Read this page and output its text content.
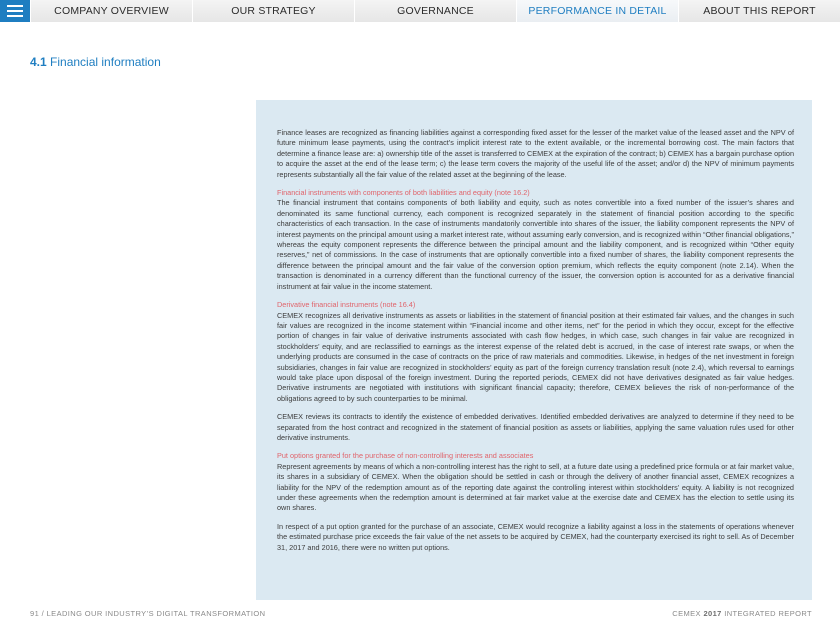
COMPANY OVERVIEW	OUR STRATEGY	GOVERNANCE	PERFORMANCE IN DETAIL	ABOUT THIS REPORT
4.1 Financial information

Finance leases are recognized as financing liabilities against a corresponding fixed asset for the lesser of the market value of the leased asset and the NPV of future minimum lease payments, using the contract’s implicit interest rate to the extent available, or the incremental borrowing cost. The main factors that determine a finance lease are: a) ownership title of the asset is transferred to CEMEX at the expiration of the contract; b) CEMEX has a bargain purchase option to acquire the asset at the end of the lease term; c) the lease term covers the majority of the useful life of the asset; and/or d) the NPV of minimum payments represents substantially all the fair value of the related asset at the beginning of the lease.

Financial instruments with components of both liabilities and equity (note 16.2)

The financial instrument that contains components of both liability and equity, such as notes convertible into a fixed number of the issuer’s shares and denominated its same functional currency, each component is recognized separately in the statement of financial position according to the specific characteristics of each transaction. In the case of instruments mandatorily convertible into shares of the issuer, the liability component represents the NPV of interest payments on the principal amount using a market interest rate, without assuming early conversion, and is recognized within “Other financial obligations,” whereas the equity component represents the difference between the principal amount and the liability component, and is recognized within “Other equity reserves,” net of commissions. In the case of instruments that are optionally convertible into a fixed number of shares, the liability component represents the difference between the principal amount and the fair value of the conversion option premium, which reflects the equity component (note 2.14). When the transaction is denominated in a currency different than the functional currency of the issuer, the conversion option is accounted for as a derivative financial instrument at fair value in the income statement.

Derivative financial instruments (note 16.4)

CEMEX recognizes all derivative instruments as assets or liabilities in the statement of financial position at their estimated fair values, and the changes in such fair values are recognized in the income statement within “Financial income and other items, net” for the period in which they occur, except for the effective portion of changes in fair value of derivative instruments associated with cash flow hedges, in which case, such changes in fair value are recognized in stockholders’ equity, and are reclassified to earnings as the interest expense of the related debt is accrued, in the case of interest rate swaps, or when the underlying products are consumed in the case of contracts on the price of raw materials and commodities. Likewise, in hedges of the net investment in foreign subsidiaries, changes in fair value are recognized in stockholders’ equity as part of the foreign currency translation result (note 2.4), which reversal to earnings would take place upon disposal of the foreign investment. During the reported periods, CEMEX did not have derivatives designated as fair value hedges. Derivative instruments are negotiated with institutions with significant financial capacity; therefore, CEMEX believes the risk of non-performance of the obligations agreed to by such counterparties to be minimal.

CEMEX reviews its contracts to identify the existence of embedded derivatives. Identified embedded derivatives are analyzed to determine if they need to be separated from the host contract and recognized in the statement of financial position as assets or liabilities, applying the same valuation rules used for other derivative instruments.

Put options granted for the purchase of non-controlling interests and associates

Represent agreements by means of which a non-controlling interest has the right to sell, at a future date using a predefined price formula or at fair market value, its shares in a subsidiary of CEMEX. When the obligation should be settled in cash or through the delivery of another financial asset, CEMEX recognizes a liability for the NPV of the redemption amount as of the reporting date against the controlling interest within stockholders’ equity. A liability is not recognized under these agreements when the redemption amount is determined at fair market value at the exercise date and CEMEX has the election to settle using its own shares.

In respect of a put option granted for the purchase of an associate, CEMEX would recognize a liability against a loss in the statements of operations whenever the estimated purchase price exceeds the fair value of the net assets to be acquired by CEMEX, had the counterparty exercised its right to sell. As of December 31, 2017 and 2016, there were no written put options.

91 / LEADING OUR INDUSTRY’S DIGITAL TRANSFORMATION	CEMEX 2017 INTEGRATED REPORT
